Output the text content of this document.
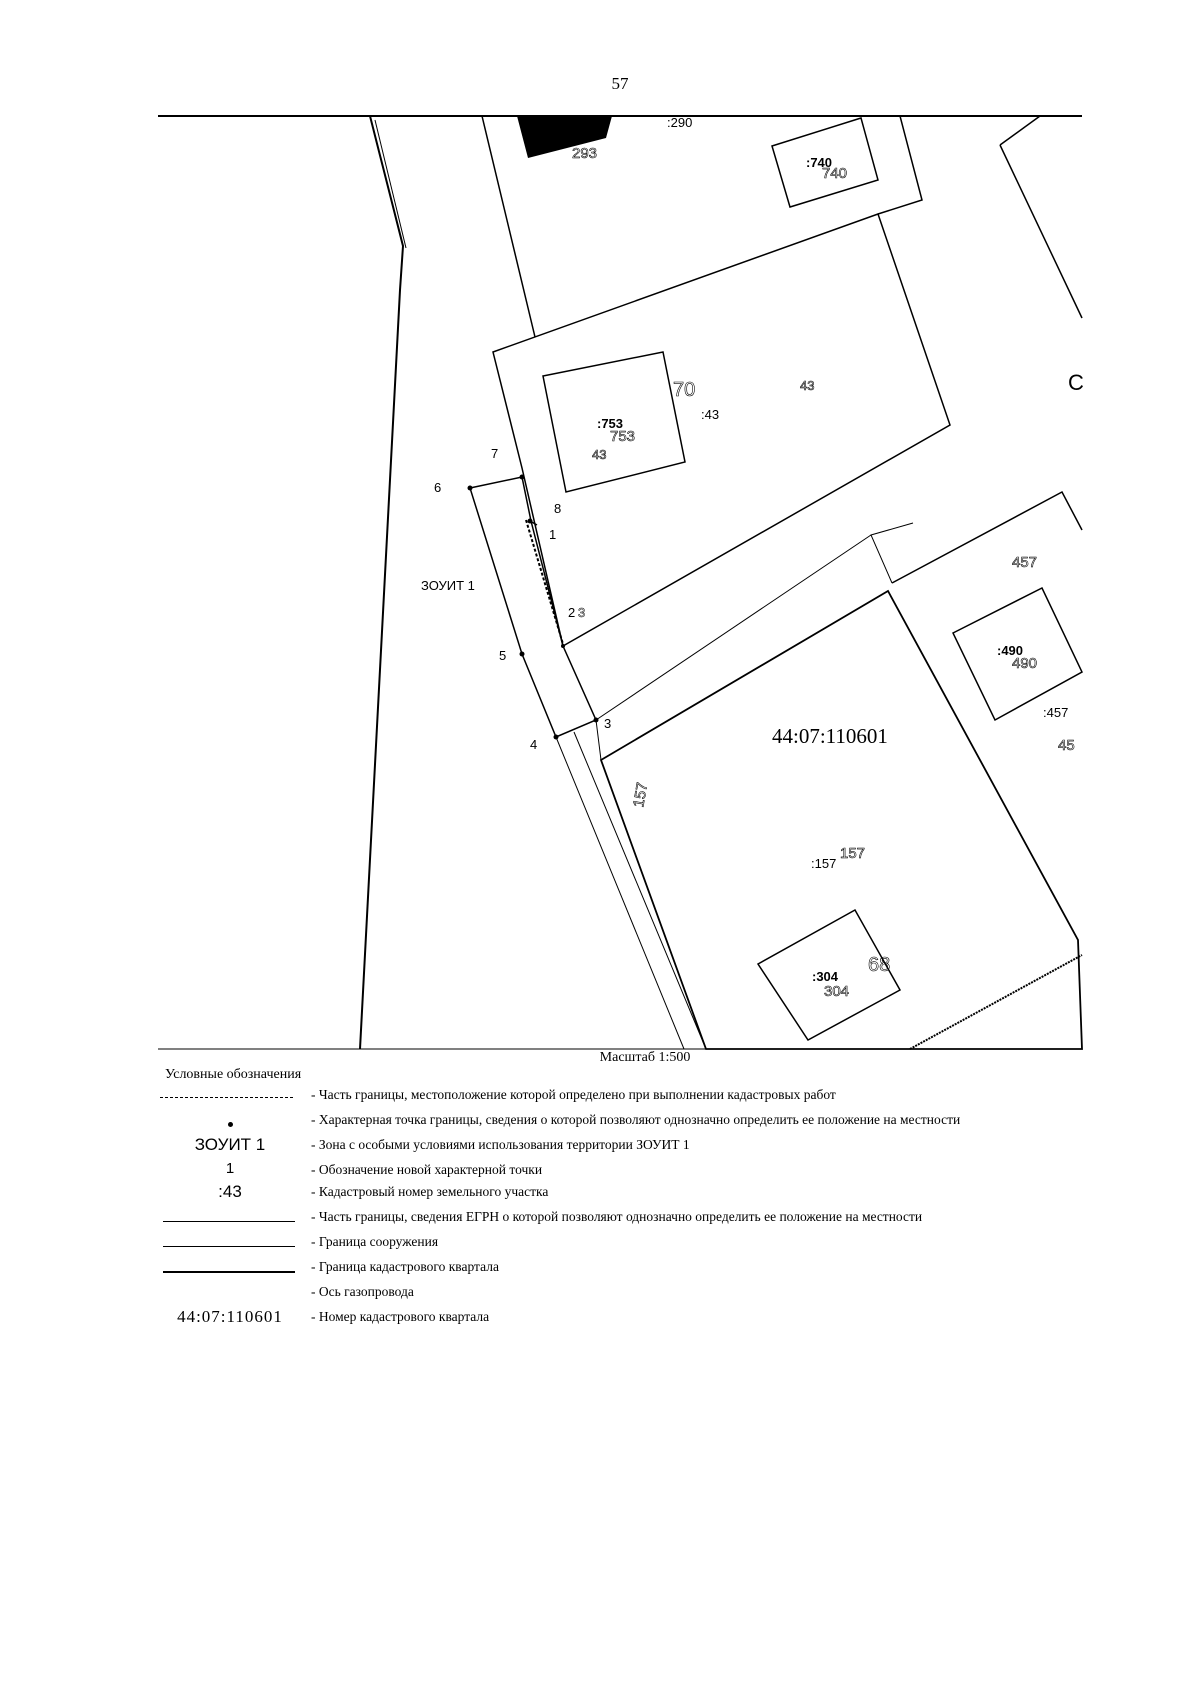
57
:290
293
:740
740
70	43
:43
:753
753
43
С
7
6
8
1
ЗОУИТ 1
2 3
5
3
4
457
:490
490
:457
45
44:07:110601
157
:157
157
:304
304
68
Масштаб 1:500
Условные обозначения
- Часть границы, местоположение которой определено при выполнении кадастровых работ
- Характерная точка границы, сведения о которой позволяют однозначно определить ее положение на местности
ЗОУИТ 1	- Зона с особыми условиями использования территории ЗОУИТ 1
1	- Обозначение новой характерной точки
:43	- Кадастровый номер земельного участка
- Часть границы, сведения ЕГРН о которой позволяют однозначно определить ее положение на местности
- Граница сооружения
- Граница кадастрового квартала
- Ось газопровода
44:07:110601	- Номер кадастрового квартала
